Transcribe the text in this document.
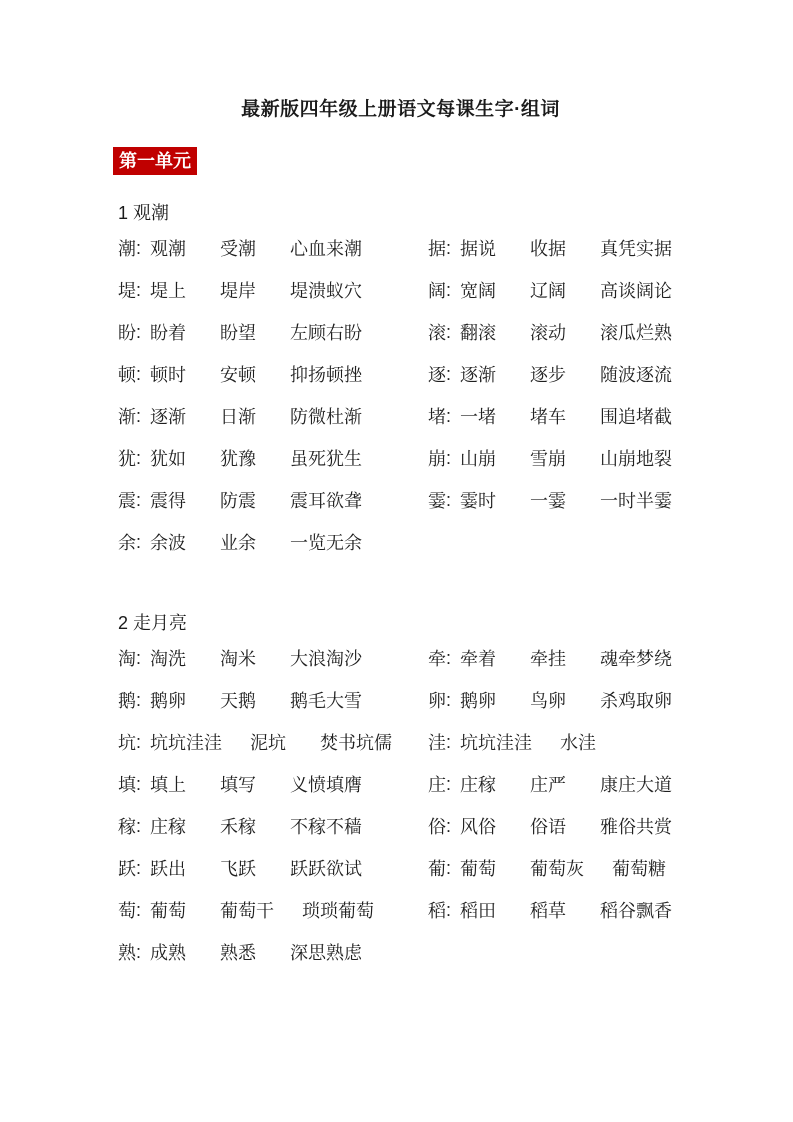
最新版四年级上册语文每课生字·组词
第一单元
1 观潮
潮 : 观潮	受潮	心血来潮	据 : 据说	收据	真凭实据
堤 : 堤上	堤岸	堤溃蚁穴	阔 : 宽阔	辽阔	高谈阔论
盼 : 盼着	盼望	左顾右盼	滚 : 翻滚	滚动	滚瓜烂熟
顿 : 顿时	安顿	抑扬顿挫	逐 : 逐渐	逐步	随波逐流
渐 : 逐渐	日渐	防微杜渐	堵 : 一堵	堵车	围追堵截
犹 : 犹如	犹豫	虽死犹生	崩 : 山崩	雪崩	山崩地裂
震 : 震得	防震	震耳欲聋	霎 : 霎时	一霎	一时半霎
余 : 余波	业余	一览无余
2 走月亮
淘 : 淘洗	淘米	大浪淘沙	牵 : 牵着	牵挂	魂牵梦绕
鹅 : 鹅卵	天鹅	鹅毛大雪	卵 : 鹅卵	鸟卵	杀鸡取卵
坑 : 坑坑洼洼 泥坑	焚书坑儒 洼 : 坑坑洼洼 水洼
填 : 填上	填写	义愤填膺	庄 : 庄稼	庄严	康庄大道
稼 : 庄稼	禾稼	不稼不穑	俗 : 风俗	俗语	雅俗共赏
跃 : 跃出	飞跃	跃跃欲试	葡 : 葡萄	葡萄灰 葡萄糖
萄 : 葡萄	葡萄干 琐琐葡萄	稻 : 稻田	稻草	稻谷飘香
熟 : 成熟	熟悉	深思熟虑
